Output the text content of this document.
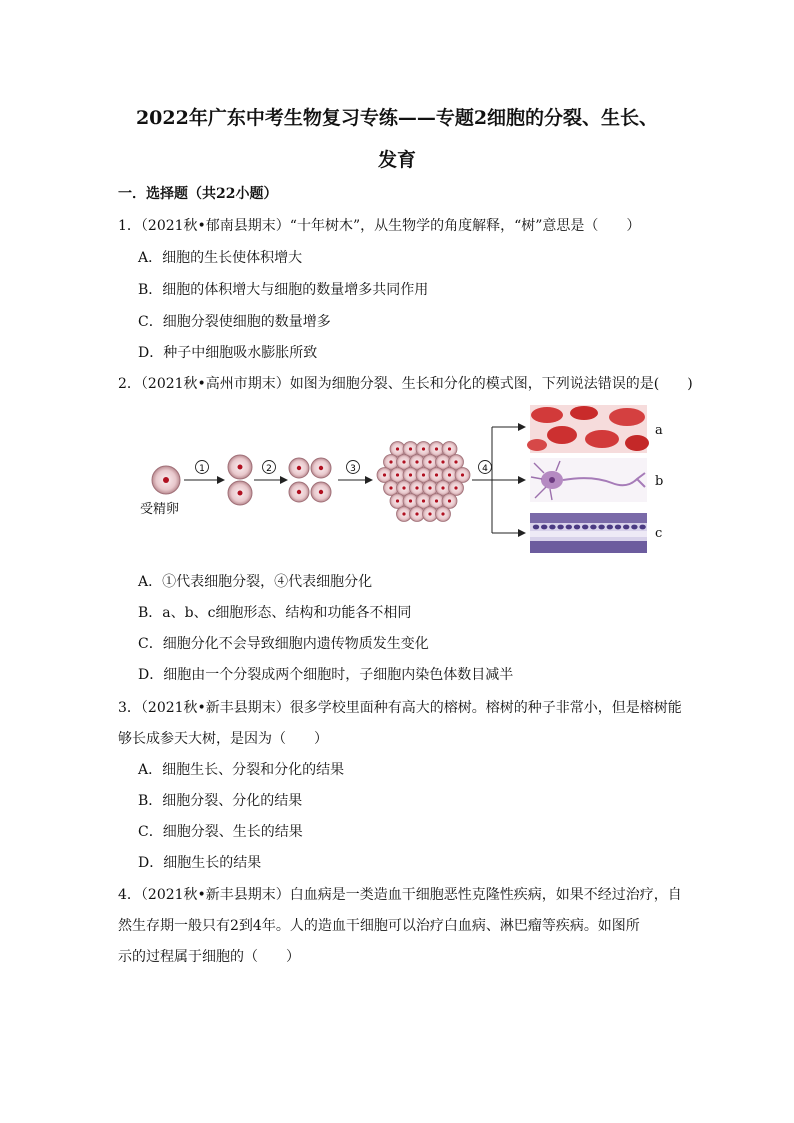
2022年广东中考生物复习专练——专题2细胞的分裂、生长、
发育
一．选择题（共22小题）
1．（2021秋•郁南县期末）“十年树木”，从生物学的角度解释，“树”意思是（　　）
A．细胞的生长使体积增大
B．细胞的体积增大与细胞的数量增多共同作用
C．细胞分裂使细胞的数量增多
D．种子中细胞吸水膨胀所致
2．（2021秋•高州市期末）如图为细胞分裂、生长和分化的模式图，下列说法错误的是(　　)
1	2	3	4
受精卵
a
b
c
A．①代表细胞分裂，④代表细胞分化
B．a、b、c细胞形态、结构和功能各不相同
C．细胞分化不会导致细胞内遗传物质发生变化
D．细胞由一个分裂成两个细胞时，子细胞内染色体数目减半
3．（2021秋•新丰县期末）很多学校里面种有高大的榕树。榕树的种子非常小，但是榕树能
够长成参天大树，是因为（　　）
A．细胞生长、分裂和分化的结果
B．细胞分裂、分化的结果
C．细胞分裂、生长的结果
D．细胞生长的结果
4．（2021秋•新丰县期末）白血病是一类造血干细胞恶性克隆性疾病，如果不经过治疗，自
然生存期一般只有2到4年。人的造血干细胞可以治疗白血病、淋巴瘤等疾病。如图所
示的过程属于细胞的（　　）
